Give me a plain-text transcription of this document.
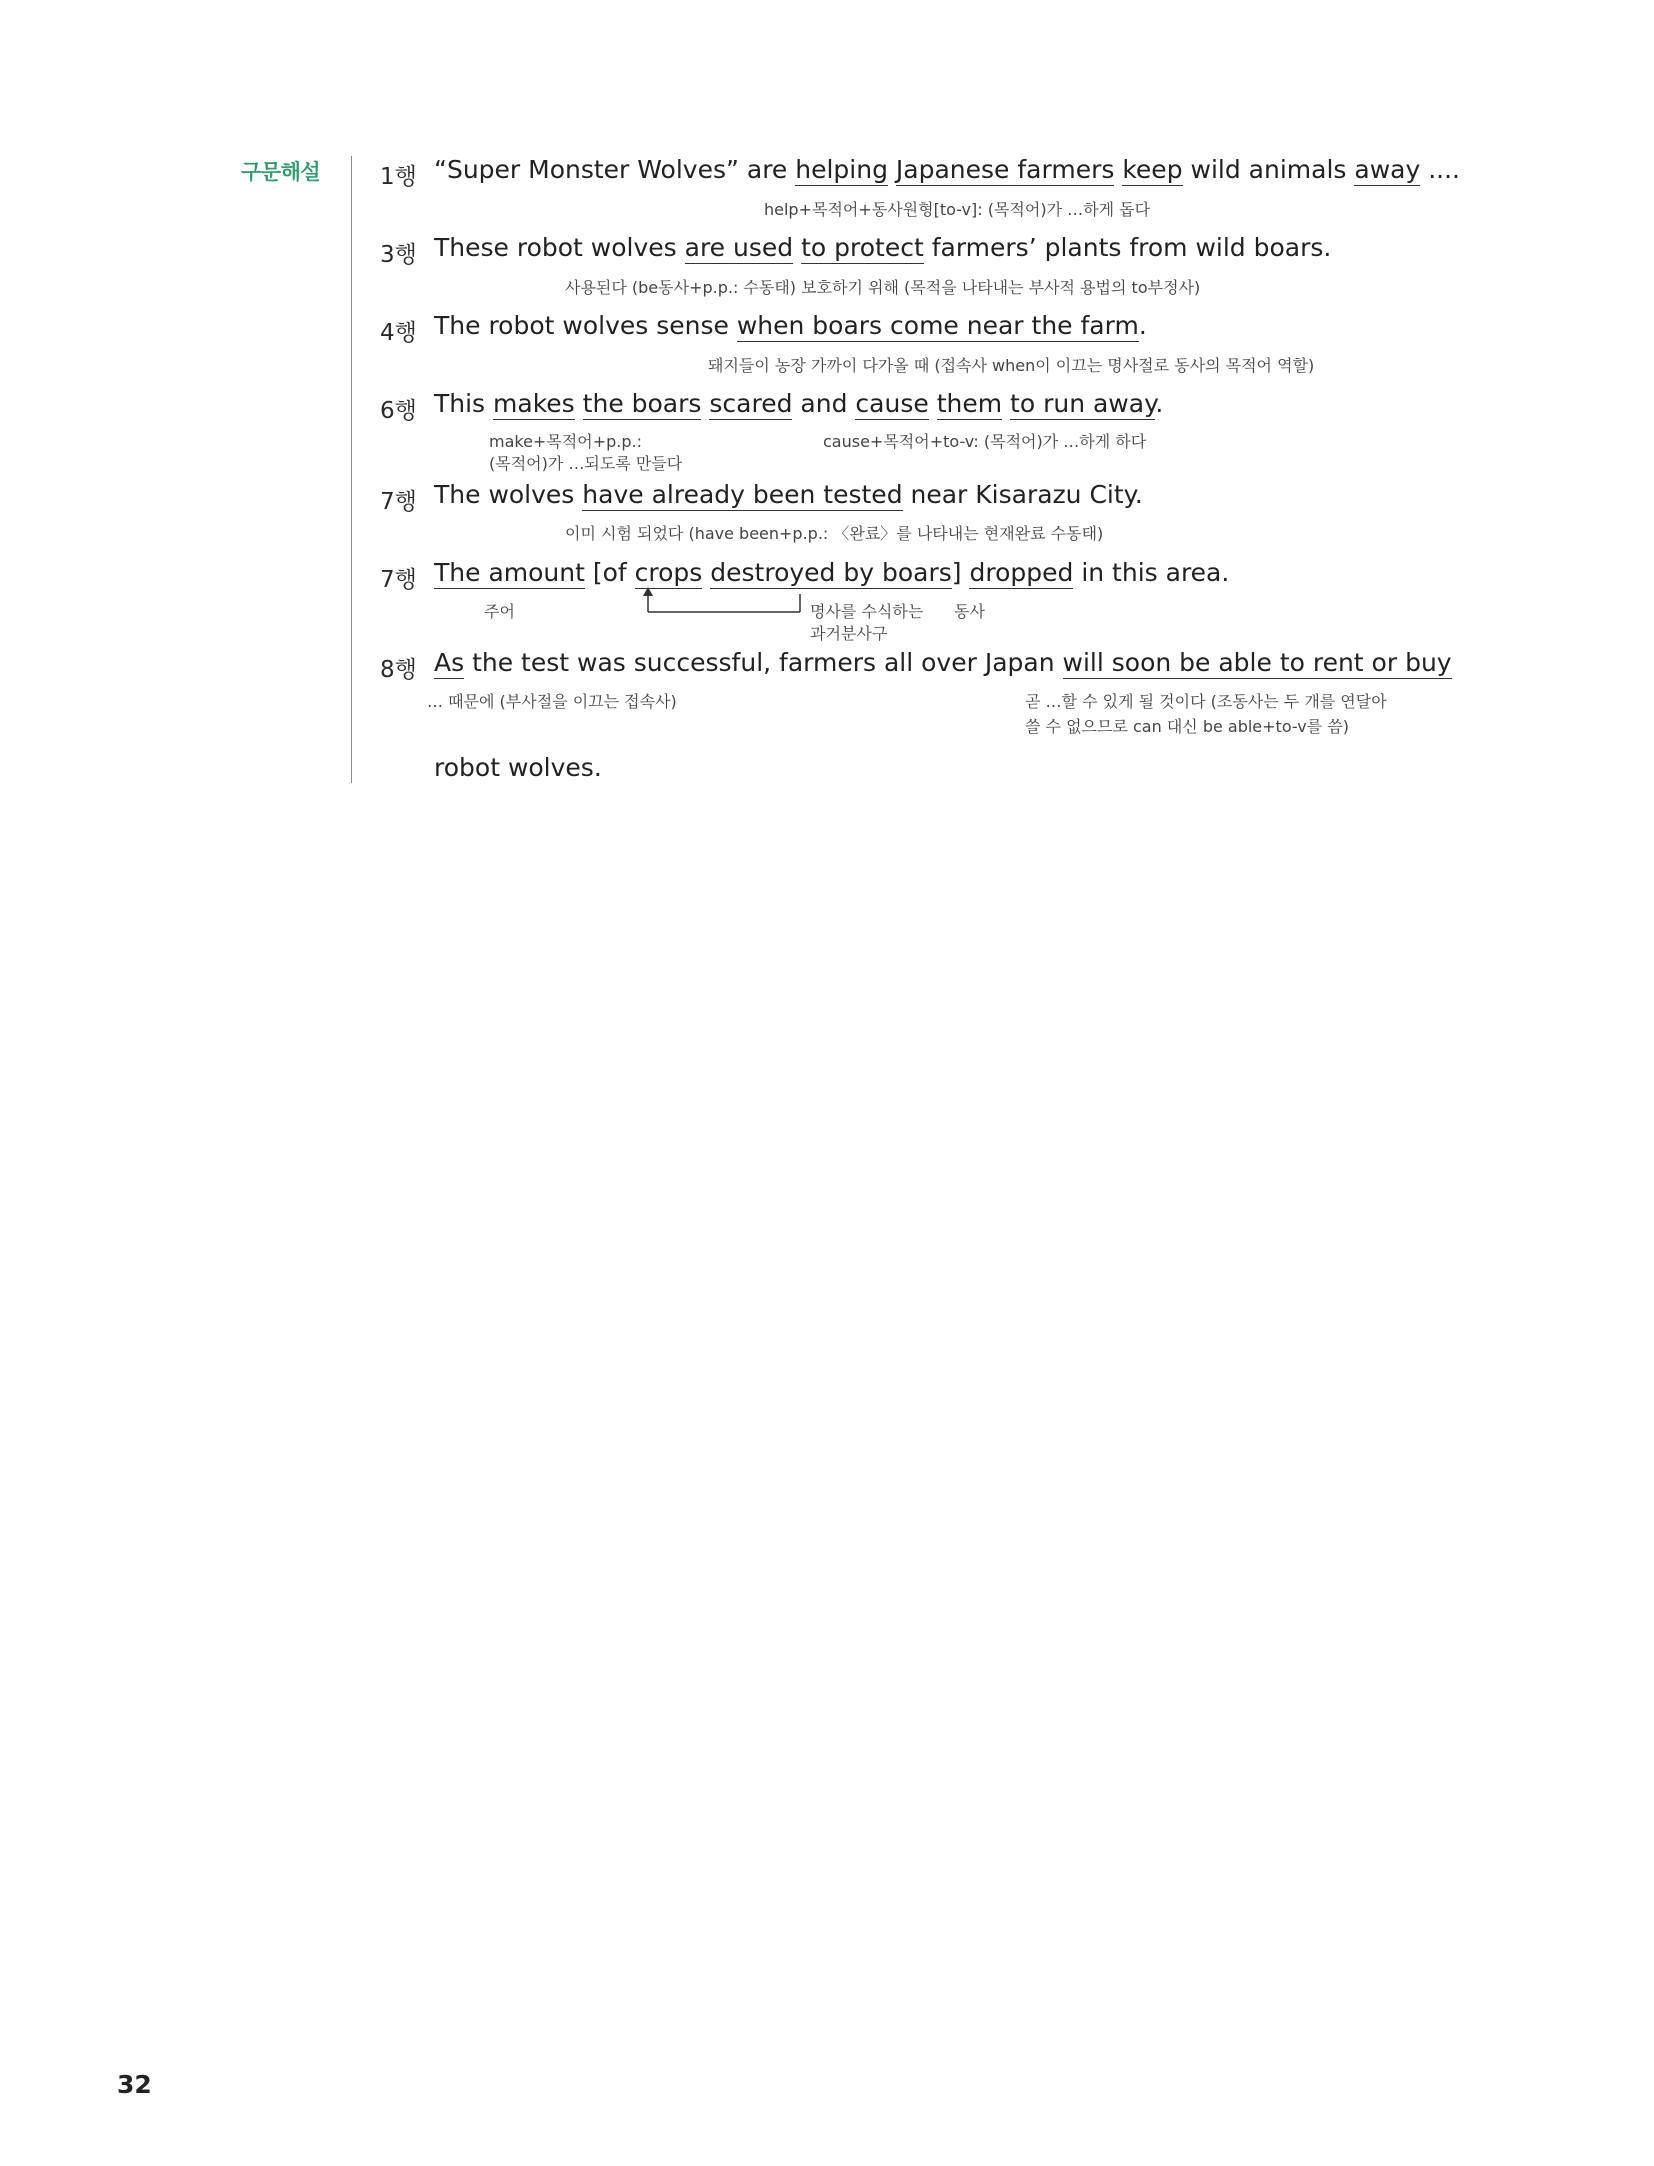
구문해설	1행 “Super Monster Wolves” are helping Japanese farmers keep wild animals away ....
help+목적어+동사원형[to-v]: (목적어)가 …하게 돕다
3행 These robot wolves are used to protect farmers’ plants from wild boars.
사용된다 (be동사+p.p.: 수동태) 보호하기 위해 (목적을 나타내는 부사적 용법의 to부정사)
4행 The robot wolves sense when boars come near the farm.
돼지들이 농장 가까이 다가올 때 (접속사 when이 이끄는 명사절로 동사의 목적어 역할)
6행 This makes the boars scared and cause them to run away.
make+목적어+p.p.:
(목적어)가 …되도록 만들다
cause+목적어+to-v: (목적어)가 …하게 하다
7행 The wolves have already been tested near Kisarazu City.
이미 시험 되었다 (have been+p.p.: 〈완료〉를 나타내는 현재완료 수동태)
7행 The amount [of crops destroyed by boars] dropped in this area.
주어	명사를 수식하는
과거분사구
동사
8행 As the test was successful, farmers all over Japan will soon be able to rent or buy
… 때문에 (부사절을 이끄는 접속사)	곧 …할 수 있게 될 것이다 (조동사는 두 개를 연달아
쓸 수 없으므로 can 대신 be able+to-v를 씀)
robot wolves.
32
